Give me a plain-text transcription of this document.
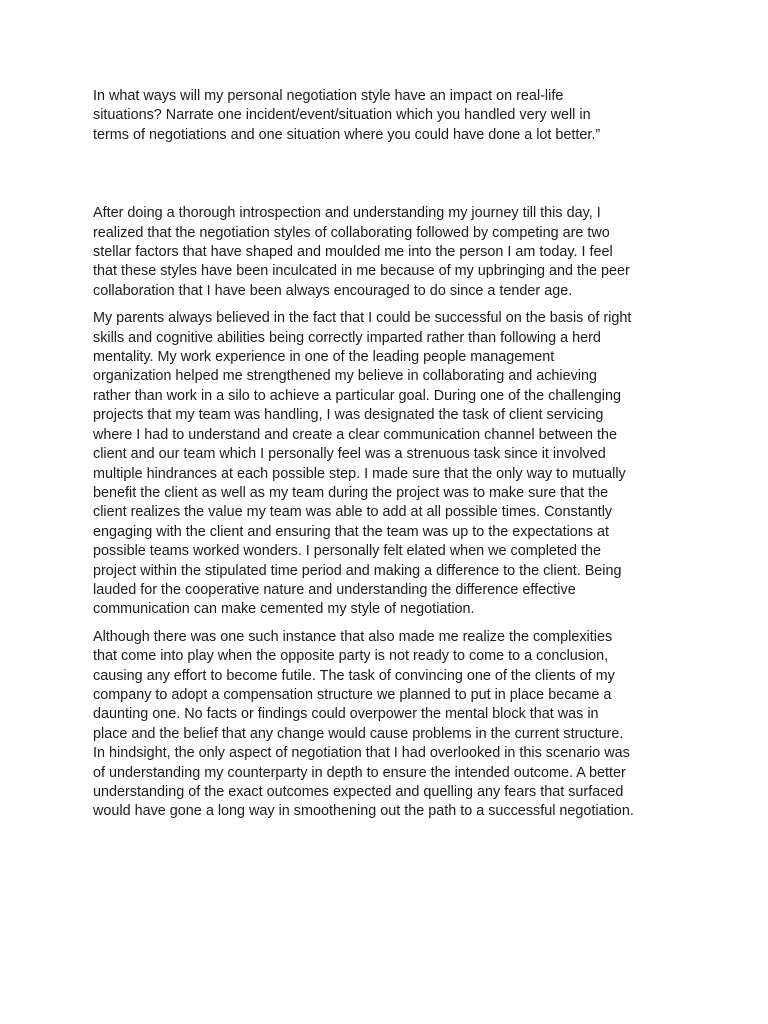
In what ways will my personal negotiation style have an impact on real-life
situations? Narrate one incident/event/situation which you handled very well in
terms of negotiations and one situation where you could have done a lot better.”

After doing a thorough introspection and understanding my journey till this day, I
realized that the negotiation styles of collaborating followed by competing are two
stellar factors that have shaped and moulded me into the person I am today. I feel
that these styles have been inculcated in me because of my upbringing and the peer
collaboration that I have been always encouraged to do since a tender age.

My parents always believed in the fact that I could be successful on the basis of right
skills and cognitive abilities being correctly imparted rather than following a herd
mentality. My work experience in one of the leading people management
organization helped me strengthened my believe in collaborating and achieving
rather than work in a silo to achieve a particular goal. During one of the challenging
projects that my team was handling, I was designated the task of client servicing
where I had to understand and create a clear communication channel between the
client and our team which I personally feel was a strenuous task since it involved
multiple hindrances at each possible step. I made sure that the only way to mutually
benefit the client as well as my team during the project was to make sure that the
client realizes the value my team was able to add at all possible times. Constantly
engaging with the client and ensuring that the team was up to the expectations at
possible teams worked wonders. I personally felt elated when we completed the
project within the stipulated time period and making a difference to the client. Being
lauded for the cooperative nature and understanding the difference effective
communication can make cemented my style of negotiation.

Although there was one such instance that also made me realize the complexities
that come into play when the opposite party is not ready to come to a conclusion,
causing any effort to become futile. The task of convincing one of the clients of my
company to adopt a compensation structure we planned to put in place became a
daunting one. No facts or findings could overpower the mental block that was in
place and the belief that any change would cause problems in the current structure.
In hindsight, the only aspect of negotiation that I had overlooked in this scenario was
of understanding my counterparty in depth to ensure the intended outcome. A better
understanding of the exact outcomes expected and quelling any fears that surfaced
would have gone a long way in smoothening out the path to a successful negotiation.
